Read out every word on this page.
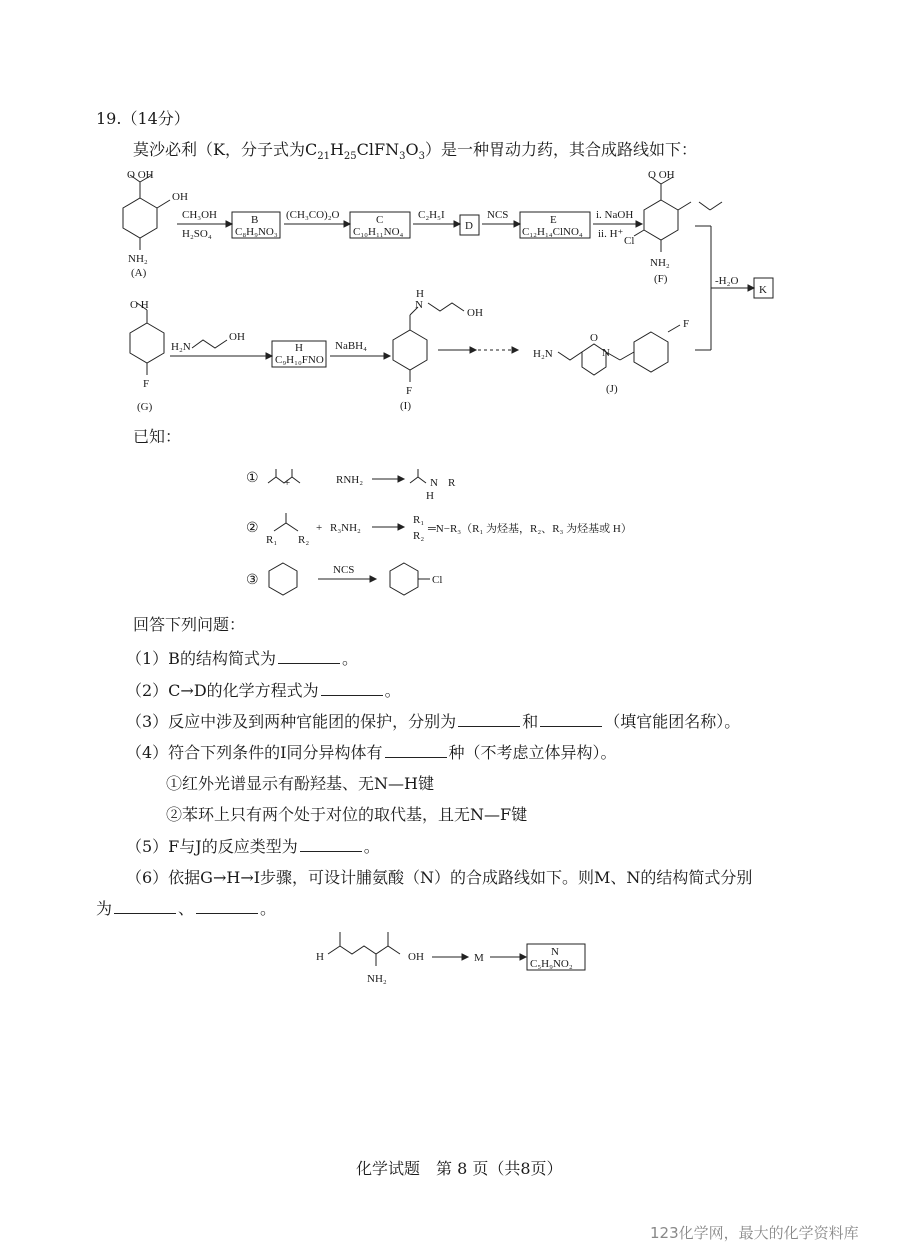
19.（14分）
莫沙必利（K，分子式为$C_{21}H_{25}ClFN_3O_3$）是一种胃动力药，其合成路线如下：
O OH
OH
NH₂
(A)
CH₃OH
H₂SO₄
B
C₈H₉NO₃
(CH₃CO)₂O	C
C₁₀H₁₁NO₄
C₂H₅I
D
NCS	E
C₁₂H₁₄ClNO₄
i. NaOH
ii. H⁺
O OH
Cl
NH₂
(F)	-H₂O
K
O H
F
(G)
H₂N
OH
H
C₉H₁₀FNO
NaBH₄
H
N
OH
F
(I)
H₂N
O
N
F
(J)
已知：
① +	RNH₂	N R
H
②
R₁ R₂
+ R₃NH₂
R₁
R₂
═N−R₃（R₁ 为烃基，R₂、R₃ 为烃基或 H）
③
NCS
Cl
回答下列问题：
（1）B的结构简式为	。
（2）C→D的化学方程式为	。
（3）反应中涉及到两种官能团的保护，分别为	和	（填官能团名称）。
（4）符合下列条件的I同分异构体有	种（不考虑立体异构）。
①红外光谱显示有酚羟基、无N—H键
②苯环上只有两个处于对位的取代基，且无N—F键
（5）F与J的反应类型为	。
（6）依据G→H→I步骤，可设计脯氨酸（N）的合成路线如下。则M、N的结构简式分别
为	、	。
H	OH
NH₂
M	N
C₅H₉NO₂
化学试题　第 8 页（共8页）
123化学网，最大的化学资料库
